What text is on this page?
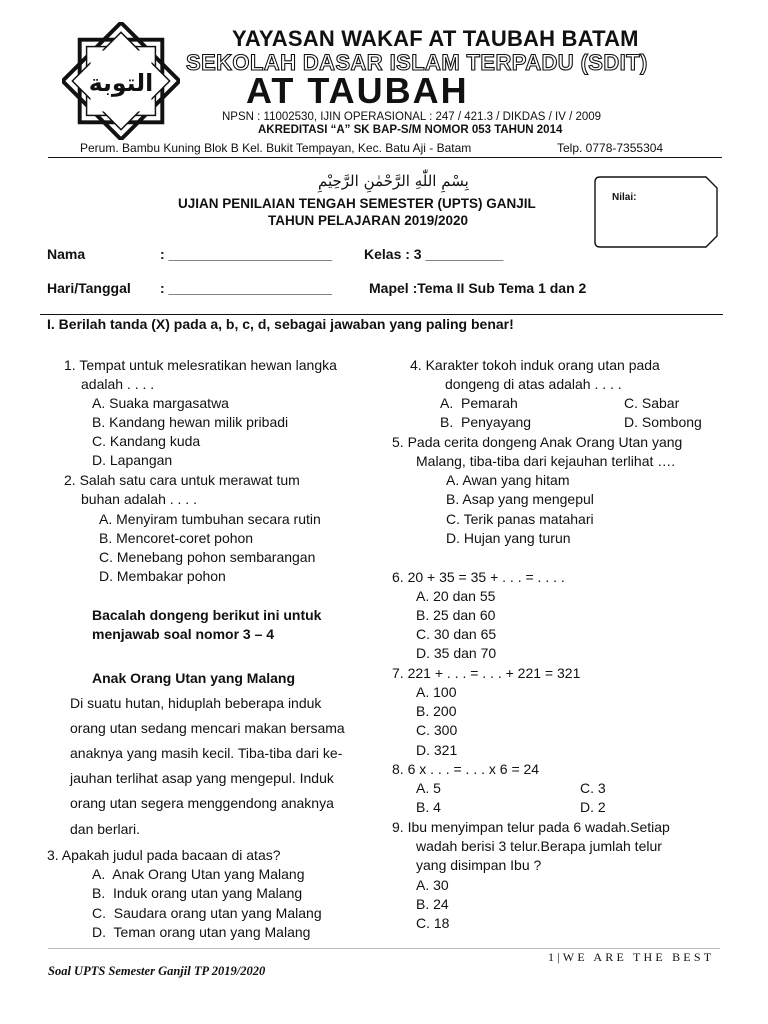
التوبة
YAYASAN WAKAF AT TAUBAH BATAM
SEKOLAH DASAR ISLAM TERPADU (SDIT)
AT TAUBAH
NPSN : 11002530, IJIN OPERASIONAL : 247 / 421.3 / DIKDAS / IV / 2009
AKREDITASI “A” SK BAP-S/M NOMOR 053 TAHUN 2014
Perum. Bambu Kuning Blok B Kel. Bukit Tempayan, Kec. Batu Aji - Batam	Telp. 0778-7355304
بِسْمِ اللّٰهِ الرَّحْمٰنِ الرَّحِيْمِ
UJIAN PENILAIAN TENGAH SEMESTER (UPTS) GANJIL
TAHUN PELAJARAN 2019/2020
Nilai:
Nama	: _____________________ Kelas : 3 __________
Hari/Tanggal : _____________________	Mapel :Tema II Sub Tema 1 dan 2
I. Berilah tanda (X) pada a, b, c, d, sebagai jawaban yang paling benar!
1. Tempat untuk melesratikan hewan langka
adalah . . . .
A. Suaka margasatwa
B. Kandang hewan milik pribadi
C. Kandang kuda
D. Lapangan
2. Salah satu cara untuk merawat tum
buhan adalah . . . .
A. Menyiram tumbuhan secara rutin
B. Mencoret-coret pohon
C. Menebang pohon sembarangan
D. Membakar pohon
Bacalah dongeng berikut ini untuk
menjawab soal nomor 3 – 4
Anak Orang Utan yang Malang
Di suatu hutan, hiduplah beberapa induk
orang utan sedang mencari makan bersama
anaknya yang masih kecil. Tiba-tiba dari ke-
jauhan terlihat asap yang mengepul. Induk
orang utan segera menggendong anaknya
dan berlari.
3. Apakah judul pada bacaan di atas?
A. Anak Orang Utan yang Malang
B. Induk orang utan yang Malang
C. Saudara orang utan yang Malang
D. Teman orang utan yang Malang
4. Karakter tokoh induk orang utan pada
dongeng di atas adalah . . . .
A. Pemarah	C. Sabar
B. Penyayang	D. Sombong
5. Pada cerita dongeng Anak Orang Utan yang
Malang, tiba-tiba dari kejauhan terlihat ….
A. Awan yang hitam
B. Asap yang mengepul
C. Terik panas matahari
D. Hujan yang turun
6. 20 + 35 = 35 + . . . = . . . .
A. 20 dan 55
B. 25 dan 60
C. 30 dan 65
D. 35 dan 70
7. 221 + . . . = . . . + 221 = 321
A. 100
B. 200
C. 300
D. 321
8. 6 x . . . = . . . x 6 = 24
A. 5	C. 3
B. 4	D. 2
9. Ibu menyimpan telur pada 6 wadah.Setiap
wadah berisi 3 telur.Berapa jumlah telur
yang disimpan Ibu ?
A. 30
B. 24
C. 18
1|WE ARE THE BEST
Soal UPTS Semester Ganjil TP 2019/2020
